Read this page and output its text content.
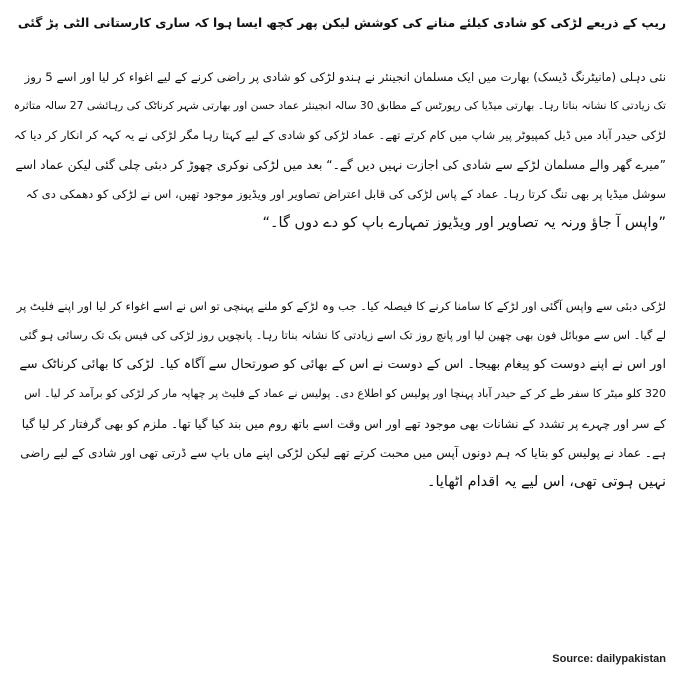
ریپ کے ذریعے لڑکی کو شادی کیلئے منانے کی کوشش لیکن پھر کچھ ایسا ہوا کہ ساری کارستانی الٹی پڑ گئی

نئی دہلی (مانیٹرنگ ڈیسک) بھارت میں ایک مسلمان انجینئر نے ہندو لڑکی کو شادی پر راضی کرنے کے لیے اغواء کر لیا اور اسے 5 روز

تک زیادتی کا نشانہ بناتا رہا۔ بھارتی میڈیا کی رپورٹس کے مطابق 30 سالہ انجینئر عماد حسن اور بھارتی شہر کرناٹک کی رہائشی 27 سالہ متاثرہ

لڑکی حیدر آباد میں ڈیل کمپیوٹر پیر شاپ میں کام کرتے تھے۔ عماد لڑکی کو شادی کے لیے کہتا رہا مگر لڑکی نے یہ کہہ کر انکار کر دیا کہ

”میرے گھر والے مسلمان لڑکے سے شادی کی اجازت نہیں دیں گے۔“ بعد میں لڑکی نوکری چھوڑ کر دبئی چلی گئی لیکن عماد اسے

سوشل میڈیا پر بھی تنگ کرتا رہا۔ عماد کے پاس لڑکی کی قابل اعتراض تصاویر اور ویڈیوز موجود تھیں، اس نے لڑکی کو دھمکی دی کہ

”واپس آ جاؤ ورنہ یہ تصاویر اور ویڈیوز تمہارے باپ کو دے دوں گا۔“

لڑکی دبئی سے واپس آگئی اور لڑکے کا سامنا کرنے کا فیصلہ کیا۔ جب وہ لڑکے کو ملنے پہنچی تو اس نے اسے اغواء کر لیا اور اپنے فلیٹ پر

لے گیا۔ اس سے موبائل فون بھی چھین لیا اور پانچ روز تک اسے زیادتی کا نشانہ بناتا رہا۔ پانچویں روز لڑکی کی فیس بک تک رسائی ہو گئی

اور اس نے اپنے دوست کو پیغام بھیجا۔ اس کے دوست نے اس کے بھائی کو صورتحال سے آگاہ کیا۔ لڑکی کا بھائی کرناٹک سے

320 کلو میٹر کا سفر طے کر کے حیدر آباد پہنچا اور پولیس کو اطلاع دی۔ پولیس نے عماد کے فلیٹ پر چھاپہ مار کر لڑکی کو برآمد کر لیا۔ اس

کے سر اور چہرے پر تشدد کے نشانات بھی موجود تھے اور اس وقت اسے باتھ روم میں بند کیا گیا تھا۔ ملزم کو بھی گرفتار کر لیا گیا

ہے۔ عماد نے پولیس کو بتایا کہ ہم دونوں آپس میں محبت کرتے تھے لیکن لڑکی اپنے ماں باپ سے ڈرتی تھی اور شادی کے لیے راضی

نہیں ہوتی تھی، اس لیے یہ اقدام اٹھایا۔

Source: dailypakistan
